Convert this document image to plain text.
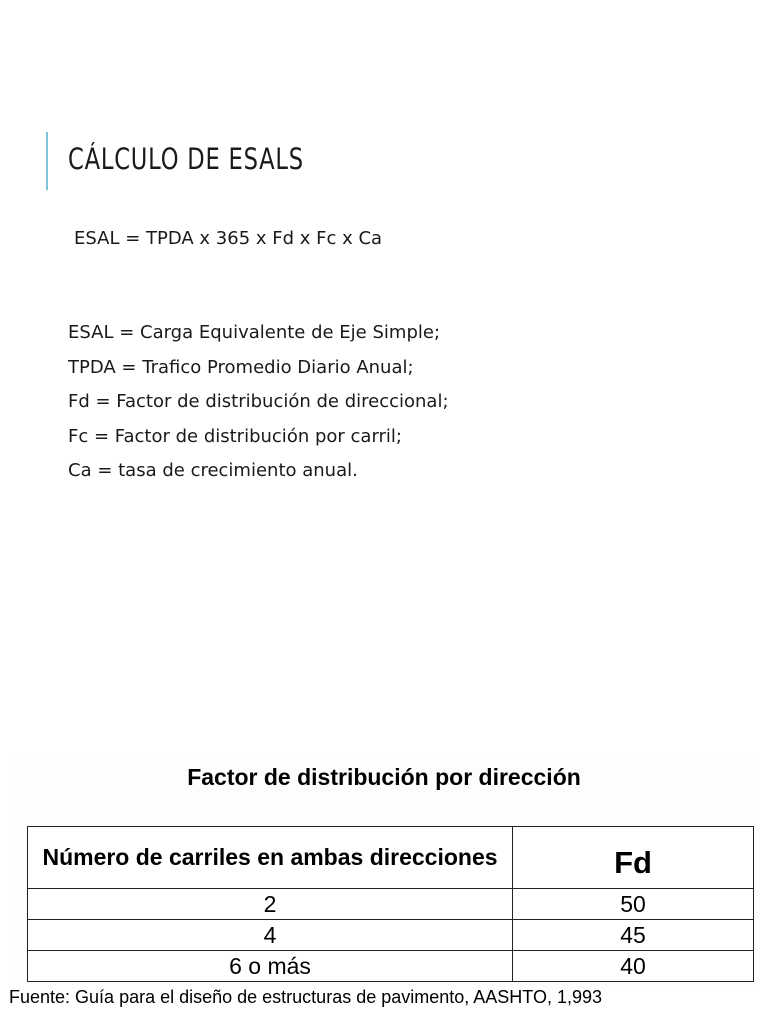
CÁLCULO DE ESALS
ESAL = TPDA x 365 x Fd x Fc x Ca
ESAL = Carga Equivalente de Eje Simple;
TPDA = Trafico Promedio Diario Anual;
Fd = Factor de distribución de direccional;
Fc = Factor de distribución por carril;
Ca = tasa de crecimiento anual.
Factor de distribución por dirección
Número de carriles en ambas direcciones	Fd
2	50
4	45
6 o más	40
Fuente: Guía para el diseño de estructuras de pavimento, AASHTO, 1,993
